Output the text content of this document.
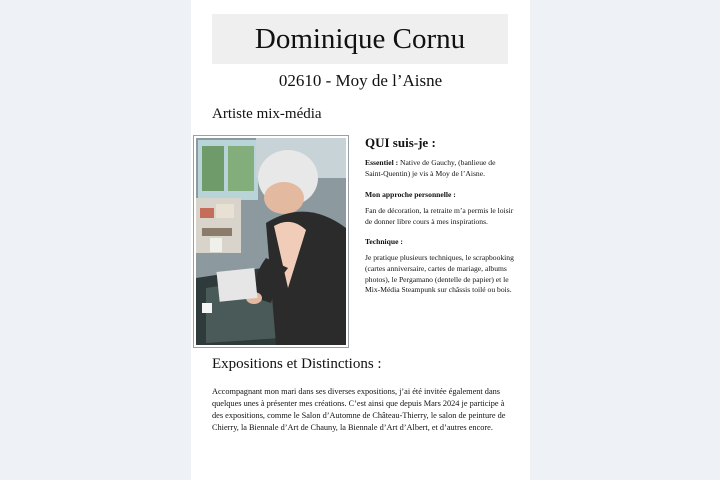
Dominique Cornu
02610 - Moy de l’Aisne
Artiste mix-média
QUI suis-je :

Essentiel : Native de Gauchy, (banlieue de Saint-Quentin) je vis à Moy de l’Aisne.

Mon approche personnelle :
Fan de décoration, la retraite m’a permis le loisir de donner libre cours à mes inspirations.

Technique :
Je pratique plusieurs techniques, le scrapbooking (cartes anniversaire, cartes de mariage, albums photos), le Pergamano (dentelle de papier) et le Mix-Média Steampunk sur châssis toilé ou bois.

Expositions et Distinctions :
Accompagnant mon mari dans ses diverses expositions, j’ai été invitée également dans quelques unes à présenter mes créations. C’est ainsi que depuis Mars 2024 je participe à des expositions, comme le Salon d’Automne de Château-Thierry, le salon de peinture de Chierry, la Biennale d’Art de Chauny, la Biennale d’Art d’Albert, et d’autres encore.
